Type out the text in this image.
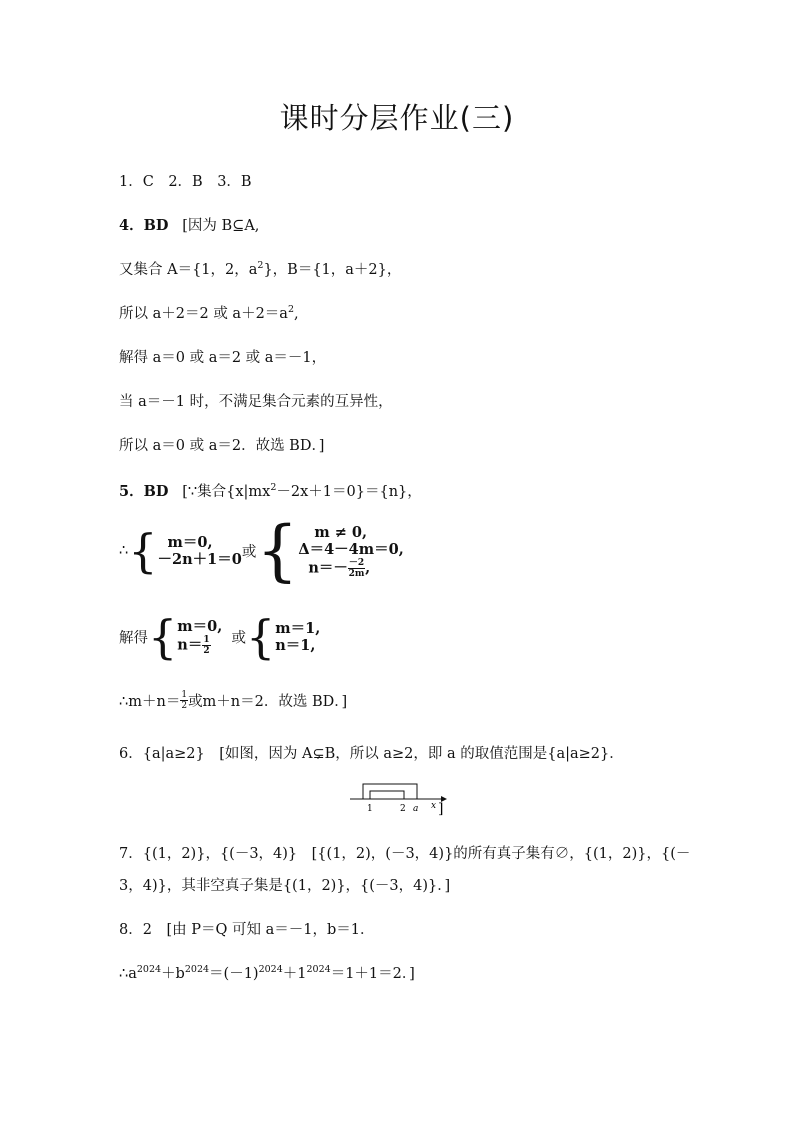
课时分层作业(三)
1．C　2．B　3．B
4．BD [因为 B⊆A,
又集合 A＝{1，2，$a^2$}，B＝{1，a＋2}，
所以 a＋2＝2 或 $a+2=a^2$,
解得 a＝0 或 a＝2 或 a＝－1，
当 a＝－1 时，不满足集合元素的互异性，
所以 a＝0 或 a＝2．故选 BD．]
5．BD [∵集合$\{x|mx^2-2x+1=0\}=\{n\}$，
∴{ m＝0,
－2n＋1＝0 或{	m ≠ 0,
Δ＝4－4m＝0,
$n=- \frac{-2}{2m}$ ,
解得{ m＝0,
$n= \frac{1}{2}$ 或{ m＝1,
n＝1,
∴m＋n＝ $\frac{1}{2}$ 或m＋n＝2．故选 BD．]
6．{a|a≥2}　[如图，因为 A⊊B，所以 a≥2，即 a 的取值范围是{a|a≥2}．
1	2 a x ]
7．{(1，2)}，{(－3，4)}　[{(1，2)，(－3，4)}的所有真子集有∅，{(1，2)}，{(－
3，4)}，其非空真子集是{(1，2)}，{(－3，4)}．]
8．2　[由 P＝Q 可知 a＝－1，b＝1．
$\therefore a^{2024}+b^{2024}=(-1)^{2024}+1^{2024}=1+1=2$．]
